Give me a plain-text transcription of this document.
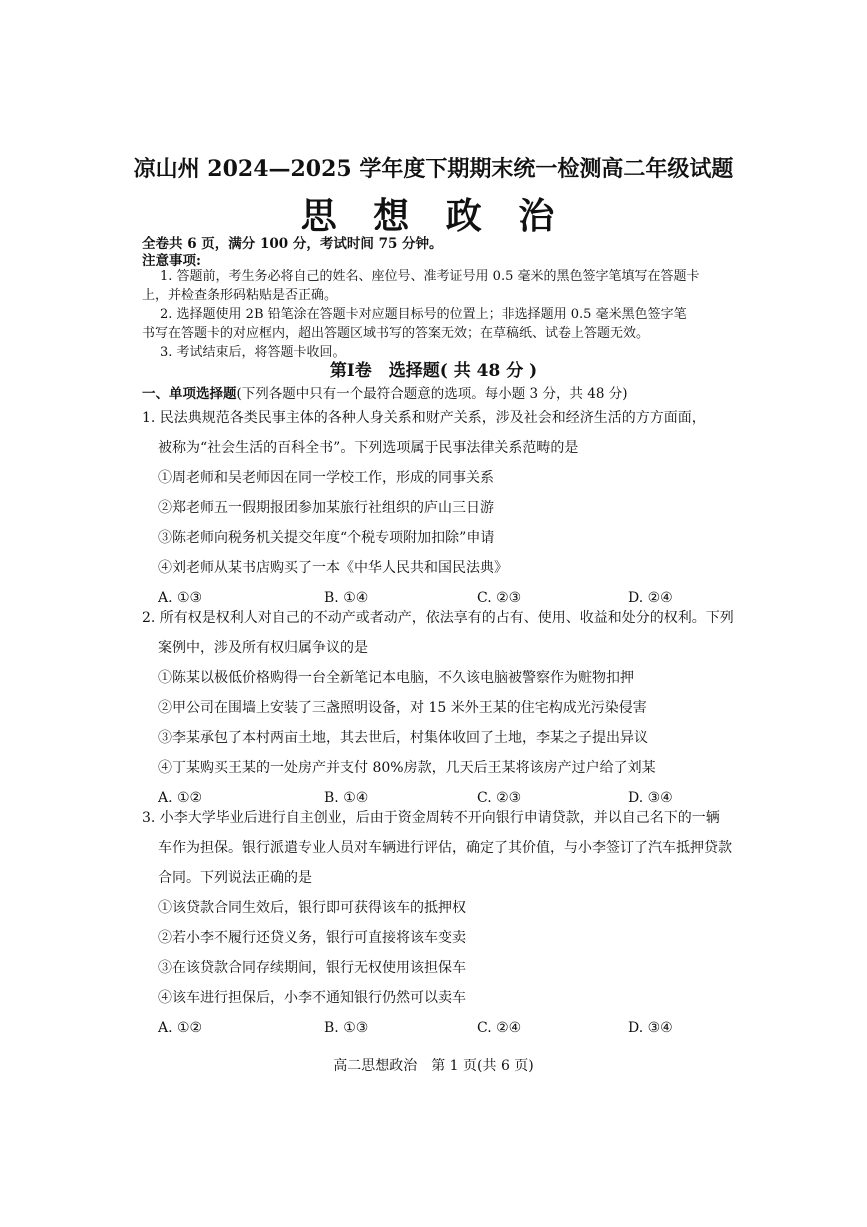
凉山州 2024—2025 学年度下期期末统一检测高二年级试题
思 想 政 治
全卷共 6 页，满分 100 分，考试时间 75 分钟。
注意事项:
1. 答题前，考生务必将自己的姓名、座位号、准考证号用 0.5 毫米的黑色签字笔填写在答题卡
上，并检查条形码粘贴是否正确。
2. 选择题使用 2B 铅笔涂在答题卡对应题目标号的位置上；非选择题用 0.5 毫米黑色签字笔
书写在答题卡的对应框内，超出答题区域书写的答案无效；在草稿纸、试卷上答题无效。
3. 考试结束后，将答题卡收回。
第Ⅰ卷　选择题( 共 48 分 )
一、单项选择题(下列各题中只有一个最符合题意的选项。每小题 3 分，共 48 分)
1. 民法典规范各类民事主体的各种人身关系和财产关系，涉及社会和经济生活的方方面面，
被称为“社会生活的百科全书”。下列选项属于民事法律关系范畴的是
①周老师和吴老师因在同一学校工作，形成的同事关系
②郑老师五一假期报团参加某旅行社组织的庐山三日游
③陈老师向税务机关提交年度“个税专项附加扣除”申请
④刘老师从某书店购买了一本《中华人民共和国民法典》
A. ①③	B. ①④	C. ②③	D. ②④
2. 所有权是权利人对自己的不动产或者动产，依法享有的占有、使用、收益和处分的权利。下列
案例中，涉及所有权归属争议的是
①陈某以极低价格购得一台全新笔记本电脑，不久该电脑被警察作为赃物扣押
②甲公司在围墙上安装了三盏照明设备，对 15 米外王某的住宅构成光污染侵害
③李某承包了本村两亩土地，其去世后，村集体收回了土地，李某之子提出异议
④丁某购买王某的一处房产并支付 80%房款，几天后王某将该房产过户给了刘某
A. ①②	B. ①④	C. ②③	D. ③④
3. 小李大学毕业后进行自主创业，后由于资金周转不开向银行申请贷款，并以自己名下的一辆
车作为担保。银行派遣专业人员对车辆进行评估，确定了其价值，与小李签订了汽车抵押贷款
合同。下列说法正确的是
①该贷款合同生效后，银行即可获得该车的抵押权
②若小李不履行还贷义务，银行可直接将该车变卖
③在该贷款合同存续期间，银行无权使用该担保车
④该车进行担保后，小李不通知银行仍然可以卖车
A. ①②	B. ①③	C. ②④	D. ③④
高二思想政治　第 1 页(共 6 页)
